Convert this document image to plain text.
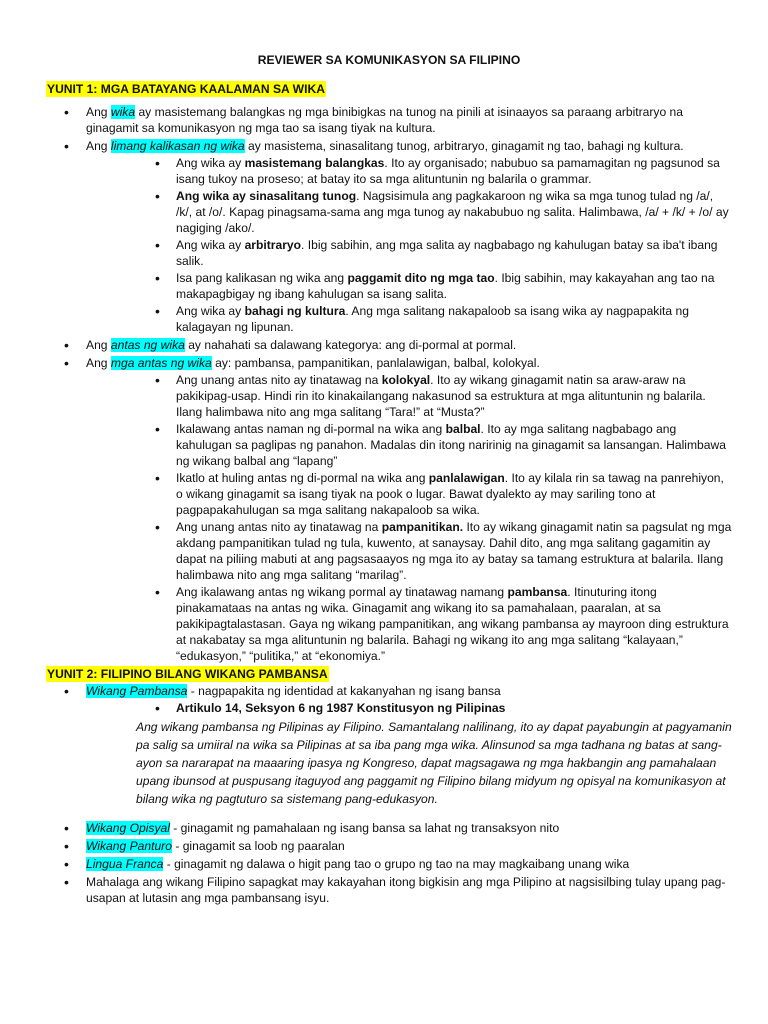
REVIEWER SA KOMUNIKASYON SA FILIPINO
YUNIT 1: MGA BATAYANG KAALAMAN SA WIKA
• Ang wika ay masistemang balangkas ng mga binibigkas na tunog na pinili at isinaayos sa paraang arbitraryo na ginagamit sa komunikasyon ng mga tao sa isang tiyak na kultura.
• Ang limang kalikasan ng wika ay masistema, sinasalitang tunog, arbitraryo, ginagamit ng tao, bahagi ng kultura.
• Ang wika ay masistemang balangkas. Ito ay organisado; nabubuo sa pamamagitan ng pagsunod sa isang tukoy na proseso; at batay ito sa mga alituntunin ng balarila o grammar.
• Ang wika ay sinasalitang tunog. Nagsisimula ang pagkakaroon ng wika sa mga tunog tulad ng /a/, /k/, at /o/. Kapag pinagsama-sama ang mga tunog ay nakabubuo ng salita. Halimbawa, /a/ + /k/ + /o/ ay nagiging /ako/.
• Ang wika ay arbitraryo. Ibig sabihin, ang mga salita ay nagbabago ng kahulugan batay sa iba't ibang salik.
• Isa pang kalikasan ng wika ang paggamit dito ng mga tao. Ibig sabihin, may kakayahan ang tao na makapagbigay ng ibang kahulugan sa isang salita.
• Ang wika ay bahagi ng kultura. Ang mga salitang nakapaloob sa isang wika ay nagpapakita ng kalagayan ng lipunan.
• Ang antas ng wika ay nahahati sa dalawang kategorya: ang di-pormal at pormal.
• Ang mga antas ng wika ay: pambansa, pampanitikan, panlalawigan, balbal, kolokyal.
• Ang unang antas nito ay tinatawag na kolokyal. Ito ay wikang ginagamit natin sa araw-araw na pakikipag-usap. Hindi rin ito kinakailangang nakasunod sa estruktura at mga alituntunin ng balarila. Ilang halimbawa nito ang mga salitang “Tara!” at “Musta?”
• Ikalawang antas naman ng di-pormal na wika ang balbal. Ito ay mga salitang nagbabago ang kahulugan sa paglipas ng panahon. Madalas din itong naririnig na ginagamit sa lansangan. Halimbawa ng wikang balbal ang “lapang”
• Ikatlo at huling antas ng di-pormal na wika ang panlalawigan. Ito ay kilala rin sa tawag na panrehiyon, o wikang ginagamit sa isang tiyak na pook o lugar. Bawat dyalekto ay may sariling tono at pagpapakahulugan sa mga salitang nakapaloob sa wika.
• Ang unang antas nito ay tinatawag na pampanitikan. Ito ay wikang ginagamit natin sa pagsulat ng mga akdang pampanitikan tulad ng tula, kuwento, at sanaysay. Dahil dito, ang mga salitang gagamitin ay dapat na piliing mabuti at ang pagsasaayos ng mga ito ay batay sa tamang estruktura at balarila. Ilang halimbawa nito ang mga salitang “marilag”.
• Ang ikalawang antas ng wikang pormal ay tinatawag namang pambansa. Itinuturing itong pinakamataas na antas ng wika. Ginagamit ang wikang ito sa pamahalaan, paaralan, at sa pakikipagtalastasan. Gaya ng wikang pampanitikan, ang wikang pambansa ay mayroon ding estruktura at nakabatay sa mga alituntunin ng balarila. Bahagi ng wikang ito ang mga salitang “kalayaan,” “edukasyon,” “pulitika,” at “ekonomiya.”
YUNIT 2: FILIPINO BILANG WIKANG PAMBANSA
• Wikang Pambansa - nagpapakita ng identidad at kakanyahan ng isang bansa
• Artikulo 14, Seksyon 6 ng 1987 Konstitusyon ng Pilipinas
Ang wikang pambansa ng Pilipinas ay Filipino. Samantalang nalilinang, ito ay dapat payabungin at pagyamanin pa salig sa umiiral na wika sa Pilipinas at sa iba pang mga wika. Alinsunod sa mga tadhana ng batas at sang-ayon sa nararapat na maaaring ipasya ng Kongreso, dapat magsagawa ng mga hakbangin ang pamahalaan upang ibunsod at puspusang itaguyod ang paggamit ng Filipino bilang midyum ng opisyal na komunikasyon at bilang wika ng pagtuturo sa sistemang pang-edukasyon.
• Wikang Opisyal - ginagamit ng pamahalaan ng isang bansa sa lahat ng transaksyon nito
• Wikang Panturo - ginagamit sa loob ng paaralan
• Lingua Franca - ginagamit ng dalawa o higit pang tao o grupo ng tao na may magkaibang unang wika
• Mahalaga ang wikang Filipino sapagkat may kakayahan itong bigkisin ang mga Pilipino at nagsisilbing tulay upang pag-usapan at lutasin ang mga pambansang isyu.
